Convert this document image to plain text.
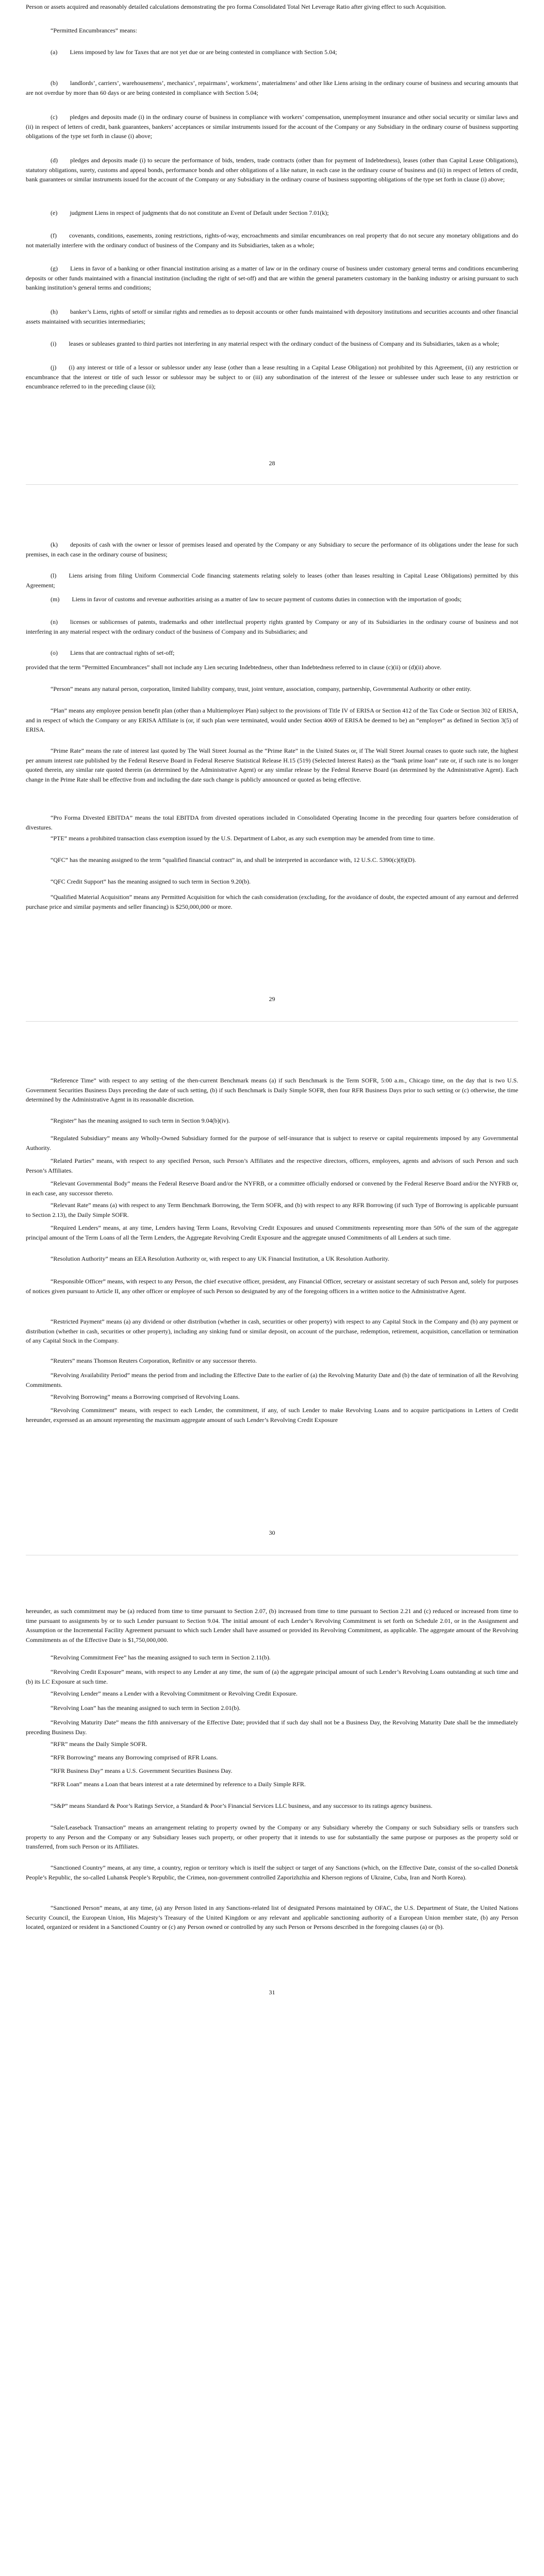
Person or assets acquired and reasonably detailed calculations demonstrating the pro forma Consolidated Total Net Leverage Ratio after giving effect to such Acquisition.
“Permitted Encumbrances” means:
(a)  Liens imposed by law for Taxes that are not yet due or are being contested in compliance with Section 5.04;
(b)  landlords’, carriers’, warehousemens’, mechanics’, repairmans’, workmens’, materialmens’ and other like Liens arising in the ordinary course of business and securing amounts that are not overdue by more than 60 days or are being contested in compliance with Section 5.04;
(c)  pledges and deposits made (i) in the ordinary course of business in compliance with workers’ compensation, unemployment insurance and other social security or similar laws and (ii) in respect of letters of credit, bank guarantees, bankers’ acceptances or similar instruments issued for the account of the Company or any Subsidiary in the ordinary course of business supporting obligations of the type set forth in clause (i) above;
(d)  pledges and deposits made (i) to secure the performance of bids, tenders, trade contracts (other than for payment of Indebtedness), leases (other than Capital Lease Obligations), statutory obligations, surety, customs and appeal bonds, performance bonds and other obligations of a like nature, in each case in the ordinary course of business and (ii) in respect of letters of credit, bank guarantees or similar instruments issued for the account of the Company or any Subsidiary in the ordinary course of business supporting obligations of the type set forth in clause (i) above;
(e)  judgment Liens in respect of judgments that do not constitute an Event of Default under Section 7.01(k);
(f)  covenants, conditions, easements, zoning restrictions, rights-of-way, encroachments and similar encumbrances on real property that do not secure any monetary obligations and do not materially interfere with the ordinary conduct of business of the Company and its Subsidiaries, taken as a whole;
(g)  Liens in favor of a banking or other financial institution arising as a matter of law or in the ordinary course of business under customary general terms and conditions encumbering deposits or other funds maintained with a financial institution (including the right of set-off) and that are within the general parameters customary in the banking industry or arising pursuant to such banking institution’s general terms and conditions;
(h)  banker’s Liens, rights of setoff or similar rights and remedies as to deposit accounts or other funds maintained with depository institutions and securities accounts and other financial assets maintained with securities intermediaries;
(i)  leases or subleases granted to third parties not interfering in any material respect with the ordinary conduct of the business of Company and its Subsidiaries, taken as a whole;
(j)  (i) any interest or title of a lessor or sublessor under any lease (other than a lease resulting in a Capital Lease Obligation) not prohibited by this Agreement, (ii) any restriction or encumbrance that the interest or title of such lessor or sublessor may be subject to or (iii) any subordination of the interest of the lessee or sublessee under such lease to any restriction or encumbrance referred to in the preceding clause (ii);
28
(k)  deposits of cash with the owner or lessor of premises leased and operated by the Company or any Subsidiary to secure the performance of its obligations under the lease for such premises, in each case in the ordinary course of business;
(l)  Liens arising from filing Uniform Commercial Code financing statements relating solely to leases (other than leases resulting in Capital Lease Obligations) permitted by this Agreement;
(m)  Liens in favor of customs and revenue authorities arising as a matter of law to secure payment of customs duties in connection with the importation of goods;
(n)  licenses or sublicenses of patents, trademarks and other intellectual property rights granted by Company or any of its Subsidiaries in the ordinary course of business and not interfering in any material respect with the ordinary conduct of the business of Company and its Subsidiaries; and
(o)  Liens that are contractual rights of set-off;
provided that the term “Permitted Encumbrances” shall not include any Lien securing Indebtedness, other than Indebtedness referred to in clause (c)(ii) or (d)(ii) above.
“Person” means any natural person, corporation, limited liability company, trust, joint venture, association, company, partnership, Governmental Authority or other entity.
“Plan” means any employee pension benefit plan (other than a Multiemployer Plan) subject to the provisions of Title IV of ERISA or Section 412 of the Tax Code or Section 302 of ERISA, and in respect of which the Company or any ERISA Affiliate is (or, if such plan were terminated, would under Section 4069 of ERISA be deemed to be) an “employer” as defined in Section 3(5) of ERISA.
“Prime Rate” means the rate of interest last quoted by The Wall Street Journal as the “Prime Rate” in the United States or, if The Wall Street Journal ceases to quote such rate, the highest per annum interest rate published by the Federal Reserve Board in Federal Reserve Statistical Release H.15 (519) (Selected Interest Rates) as the “bank prime loan” rate or, if such rate is no longer quoted therein, any similar rate quoted therein (as determined by the Administrative Agent) or any similar release by the Federal Reserve Board (as determined by the Administrative Agent). Each change in the Prime Rate shall be effective from and including the date such change is publicly announced or quoted as being effective.
“Pro Forma Divested EBITDA” means the total EBITDA from divested operations included in Consolidated Operating Income in the preceding four quarters before consideration of divestures.
“PTE” means a prohibited transaction class exemption issued by the U.S. Department of Labor, as any such exemption may be amended from time to time.
“QFC” has the meaning assigned to the term “qualified financial contract” in, and shall be interpreted in accordance with, 12 U.S.C. 5390(c)(8)(D).
“QFC Credit Support” has the meaning assigned to such term in Section 9.20(b).
“Qualified Material Acquisition” means any Permitted Acquisition for which the cash consideration (excluding, for the avoidance of doubt, the expected amount of any earnout and deferred purchase price and similar payments and seller financing) is $250,000,000 or more.
29
“Reference Time” with respect to any setting of the then-current Benchmark means (a) if such Benchmark is the Term SOFR, 5:00 a.m., Chicago time, on the day that is two U.S. Government Securities Business Days preceding the date of such setting, (b) if such Benchmark is Daily Simple SOFR, then four RFR Business Days prior to such setting or (c) otherwise, the time determined by the Administrative Agent in its reasonable discretion.
“Register” has the meaning assigned to such term in Section 9.04(b)(iv).
“Regulated Subsidiary” means any Wholly-Owned Subsidiary formed for the purpose of self-insurance that is subject to reserve or capital requirements imposed by any Governmental Authority.
“Related Parties” means, with respect to any specified Person, such Person’s Affiliates and the respective directors, officers, employees, agents and advisors of such Person and such Person’s Affiliates.
“Relevant Governmental Body” means the Federal Reserve Board and/or the NYFRB, or a committee officially endorsed or convened by the Federal Reserve Board and/or the NYFRB or, in each case, any successor thereto.
“Relevant Rate” means (a) with respect to any Term Benchmark Borrowing, the Term SOFR, and (b) with respect to any RFR Borrowing (if such Type of Borrowing is applicable pursuant to Section 2.13), the Daily Simple SOFR.
“Required Lenders” means, at any time, Lenders having Term Loans, Revolving Credit Exposures and unused Commitments representing more than 50% of the sum of the aggregate principal amount of the Term Loans of all the Term Lenders, the Aggregate Revolving Credit Exposure and the aggregate unused Commitments of all Lenders at such time.
“Resolution Authority” means an EEA Resolution Authority or, with respect to any UK Financial Institution, a UK Resolution Authority.
“Responsible Officer” means, with respect to any Person, the chief executive officer, president, any Financial Officer, secretary or assistant secretary of such Person and, solely for purposes of notices given pursuant to Article II, any other officer or employee of such Person so designated by any of the foregoing officers in a written notice to the Administrative Agent.
“Restricted Payment” means (a) any dividend or other distribution (whether in cash, securities or other property) with respect to any Capital Stock in the Company and (b) any payment or distribution (whether in cash, securities or other property), including any sinking fund or similar deposit, on account of the purchase, redemption, retirement, acquisition, cancellation or termination of any Capital Stock in the Company.
“Reuters” means Thomson Reuters Corporation, Refinitiv or any successor thereto.
“Revolving Availability Period” means the period from and including the Effective Date to the earlier of (a) the Revolving Maturity Date and (b) the date of termination of all the Revolving Commitments.
“Revolving Borrowing” means a Borrowing comprised of Revolving Loans.
“Revolving Commitment” means, with respect to each Lender, the commitment, if any, of such Lender to make Revolving Loans and to acquire participations in Letters of Credit hereunder, expressed as an amount representing the maximum aggregate amount of such Lender’s Revolving Credit Exposure
30
hereunder, as such commitment may be (a) reduced from time to time pursuant to Section 2.07, (b) increased from time to time pursuant to Section 2.21 and (c) reduced or increased from time to time pursuant to assignments by or to such Lender pursuant to Section 9.04. The initial amount of each Lender’s Revolving Commitment is set forth on Schedule 2.01, or in the Assignment and Assumption or the Incremental Facility Agreement pursuant to which such Lender shall have assumed or provided its Revolving Commitment, as applicable. The aggregate amount of the Revolving Commitments as of the Effective Date is $1,750,000,000.
“Revolving Commitment Fee” has the meaning assigned to such term in Section 2.11(b).
“Revolving Credit Exposure” means, with respect to any Lender at any time, the sum of (a) the aggregate principal amount of such Lender’s Revolving Loans outstanding at such time and (b) its LC Exposure at such time.
“Revolving Lender” means a Lender with a Revolving Commitment or Revolving Credit Exposure.
“Revolving Loan” has the meaning assigned to such term in Section 2.01(b).
“Revolving Maturity Date” means the fifth anniversary of the Effective Date; provided that if such day shall not be a Business Day, the Revolving Maturity Date shall be the immediately preceding Business Day.
“RFR” means the Daily Simple SOFR.
“RFR Borrowing” means any Borrowing comprised of RFR Loans.
“RFR Business Day” means a U.S. Government Securities Business Day.
“RFR Loan” means a Loan that bears interest at a rate determined by reference to a Daily Simple RFR.
“S&P” means Standard & Poor’s Ratings Service, a Standard & Poor’s Financial Services LLC business, and any successor to its ratings agency business.
“Sale/Leaseback Transaction” means an arrangement relating to property owned by the Company or any Subsidiary whereby the Company or such Subsidiary sells or transfers such property to any Person and the Company or any Subsidiary leases such property, or other property that it intends to use for substantially the same purpose or purposes as the property sold or transferred, from such Person or its Affiliates.
“Sanctioned Country” means, at any time, a country, region or territory which is itself the subject or target of any Sanctions (which, on the Effective Date, consist of the so-called Donetsk People’s Republic, the so-called Luhansk People’s Republic, the Crimea, non-government controlled Zaporizhzhia and Kherson regions of Ukraine, Cuba, Iran and North Korea).
“Sanctioned Person” means, at any time, (a) any Person listed in any Sanctions-related list of designated Persons maintained by OFAC, the U.S. Department of State, the United Nations Security Council, the European Union, His Majesty’s Treasury of the United Kingdom or any relevant and applicable sanctioning authority of a European Union member state, (b) any Person located, organized or resident in a Sanctioned Country or (c) any Person owned or controlled by any such Person or Persons described in the foregoing clauses (a) or (b).
31
